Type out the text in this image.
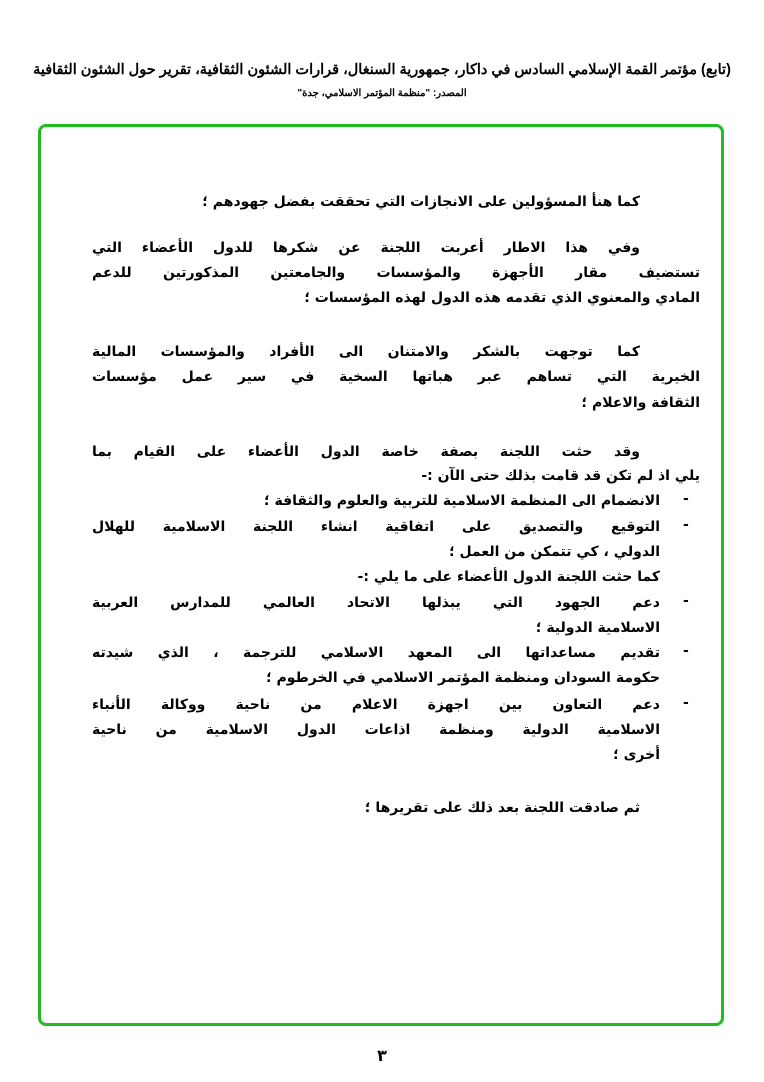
(تابع) مؤتمر القمة الإسلامي السادس في داكار، جمهورية السنغال، قرارات الشئون الثقافية، تقرير حول الشئون الثقافية
المصدر: "منظمة المؤتمر الاسلامي، جدة"
كما هنأ المسؤولين على الانجازات التي تحققت بفضل جهودهم ؛
وفي هذا الاطار أعربت اللجنة عن شكرها للدول الأعضاء التي
تستضيف مقار الأجهزة والمؤسسات والجامعتين المذكورتين للدعم
المادي والمعنوي الذي تقدمه هذه الدول لهذه المؤسسات ؛
كما توجهت بالشكر والامتنان الى الأفراد والمؤسسات المالية
الخيرية التي تساهم عبر هباتها السخية في سير عمل مؤسسات
الثقافة والاعلام ؛
وقد حثت اللجنة بصفة خاصة الدول الأعضاء على القيام بما
يلي اذ لم تكن قد قامت بذلك حتى الآن :-
-
الانضمام الى المنظمة الاسلامية للتربية والعلوم والثقافة ؛
-
التوقيع والتصديق على اتفاقية انشاء اللجنة الاسلامية للهلال
الدولي ، كي تتمكن من العمل ؛
كما حثت اللجنة الدول الأعضاء على ما يلي :-
-
دعم الجهود التي يبذلها الاتحاد العالمي للمدارس العربية
الاسلامية الدولية ؛
-
تقديم مساعداتها الى المعهد الاسلامي للترجمة ، الذي شيدته
حكومة السودان ومنظمة المؤتمر الاسلامي في الخرطوم ؛
-
دعم التعاون بين اجهزة الاعلام من ناحية ووكالة الأنباء
الاسلامية الدولية ومنظمة اذاعات الدول الاسلامية من ناحية
أخرى ؛
ثم صادقت اللجنة بعد ذلك على تقريرها ؛
٣
